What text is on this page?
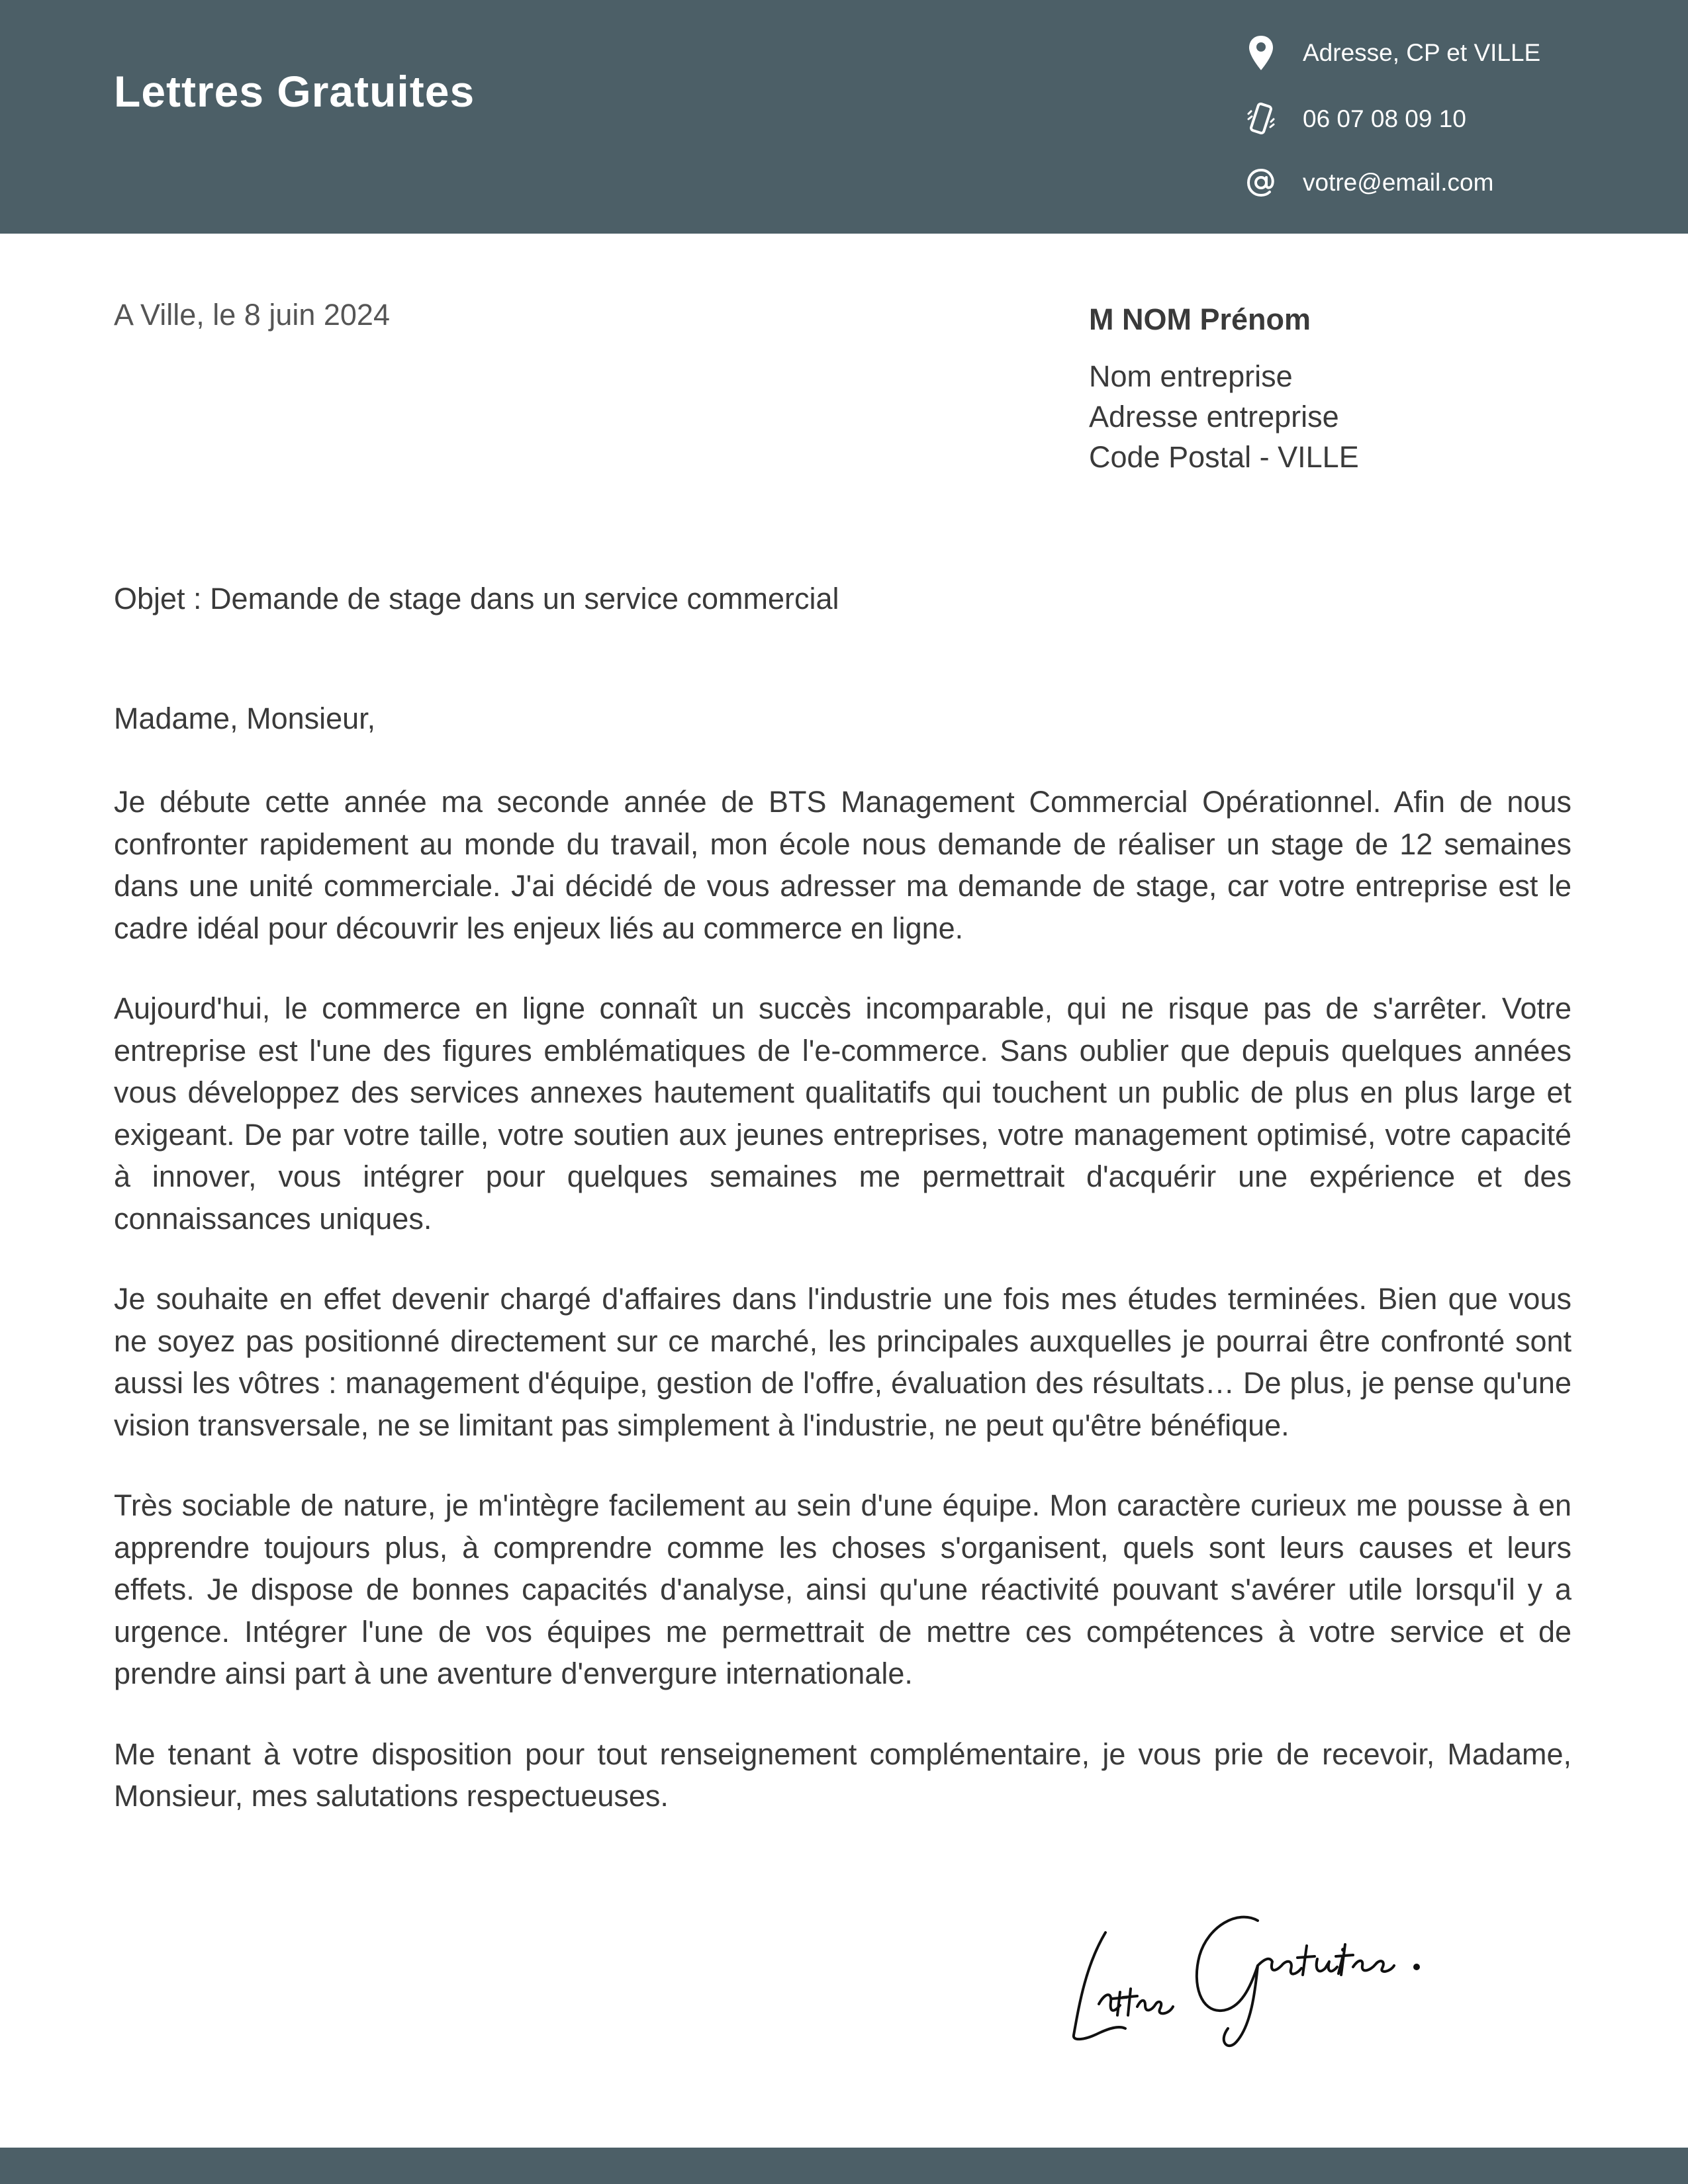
Lettres Gratuites
Adresse, CP et VILLE
06 07 08 09 10
votre@email.com
A Ville, le 8 juin 2024	M NOM Prénom
Nom entreprise
Adresse entreprise
Code Postal - VILLE
Objet : Demande de stage dans un service commercial
Madame, Monsieur,

Je débute cette année ma seconde année de BTS Management Commercial Opérationnel. Afin de nous confronter rapidement au monde du travail, mon école nous demande de réaliser un stage de 12 semaines dans une unité commerciale. J'ai décidé de vous adresser ma demande de stage, car votre entreprise est le cadre idéal pour découvrir les enjeux liés au commerce en ligne.

Aujourd'hui, le commerce en ligne connaît un succès incomparable, qui ne risque pas de s'arrêter. Votre entreprise est l'une des figures emblématiques de l'e-commerce. Sans oublier que depuis quelques années vous développez des services annexes hautement qualitatifs qui touchent un public de plus en plus large et exigeant. De par votre taille, votre soutien aux jeunes entreprises, votre management optimisé, votre capacité à innover, vous intégrer pour quelques semaines me permettrait d'acquérir une expérience et des connaissances uniques.

Je souhaite en effet devenir chargé d'affaires dans l'industrie une fois mes études terminées. Bien que vous ne soyez pas positionné directement sur ce marché, les principales auxquelles je pourrai être confronté sont aussi les vôtres : management d'équipe, gestion de l'offre, évaluation des résultats… De plus, je pense qu'une vision transversale, ne se limitant pas simplement à l'industrie, ne peut qu'être bénéfique.

Très sociable de nature, je m'intègre facilement au sein d'une équipe. Mon caractère curieux me pousse à en apprendre toujours plus, à comprendre comme les choses s'organisent, quels sont leurs causes et leurs effets. Je dispose de bonnes capacités d'analyse, ainsi qu'une réactivité pouvant s'avérer utile lorsqu'il y a urgence. Intégrer l'une de vos équipes me permettrait de mettre ces compétences à votre service et de prendre ainsi part à une aventure d'envergure internationale.

Me tenant à votre disposition pour tout renseignement complémentaire, je vous prie de recevoir, Madame, Monsieur, mes salutations respectueuses.
